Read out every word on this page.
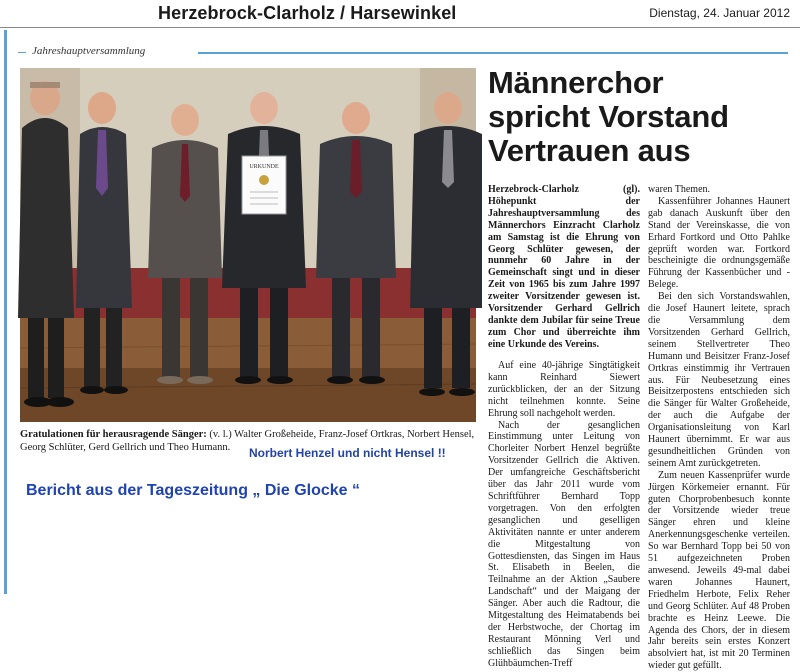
Herzebrock-Clarholz / Harsewinkel	Dienstag, 24. Januar 2012
Jahreshauptversammlung
URKUNDE
Gratulationen für herausragende Sänger: (v. l.) Walter Großeheide, Franz-Josef Ortkras, Norbert Hensel, Georg Schlüter, Gerd Gellrich und Theo Humann.	Norbert Henzel und nicht Hensel !!
Bericht aus der Tageszeitung „ Die Glocke “
Männerchor
spricht Vorstand
Vertrauen aus

Herzebrock-Clarholz (gl). Höhepunkt der Jahreshauptversammlung des Männerchors Einzracht Clarholz am Samstag ist die Ehrung von Georg Schlüter gewesen, der nunmehr 60 Jahre in der Gemeinschaft singt und in dieser Zeit von 1965 bis zum Jahre 1997 zweiter Vorsitzender gewesen ist. Vorsitzender Gerhard Gellrich dankte dem Jubilar für seine Treue zum Chor und überreichte ihm eine Urkunde des Vereins.

Auf eine 40-jährige Singtätigkeit kann Reinhard Siewert zurückblicken, der an der Sitzung nicht teilnehmen konnte. Seine Ehrung soll nachgeholt werden.

Nach der gesanglichen Einstimmung unter Leitung von Chorleiter Norbert Henzel begrüßte Vorsitzender Gellrich die Aktiven. Der umfangreiche Geschäftsbericht über das Jahr 2011 wurde vom Schriftführer Bernhard Topp vorgetragen. Von den erfolgten gesanglichen und geselligen Aktivitäten nannte er unter anderem die Mitgestaltung von Gottesdiensten, das Singen im Haus St. Elisabeth in Beelen, die Teilnahme an der Aktion „Saubere Landschaft“ und der Maigang der Sänger. Aber auch die Radtour, die Mitgestaltung des Heimatabends bei der Herbstwoche, der Chortag im Restaurant Mönning Verl und schließlich das Singen beim Glühbäumchen-Treff

waren Themen.

Kassenführer Johannes Haunert gab danach Auskunft über den Stand der Vereinskasse, die von Erhard Fortkord und Otto Pahlke geprüft worden war. Fortkord bescheinigte die ordnungsgemäße Führung der Kassenbücher und -Belege.

Bei den sich Vorstandswahlen, die Josef Haunert leitete, sprach die Versammlung dem Vorsitzenden Gerhard Gellrich, seinem Stellvertreter Theo Humann und Beisitzer Franz-Josef Ortkras einstimmig ihr Vertrauen aus. Für Neubesetzung eines Beisitzerpostens entschieden sich die Sänger für Walter Großeheide, der auch die Aufgabe der Organisationsleitung von Karl Haunert übernimmt. Er war aus gesundheitlichen Gründen von seinem Amt zurückgetreten.

Zum neuen Kassenprüfer wurde Jürgen Körkemeier ernannt. Für guten Chorprobenbesuch konnte der Vorsitzende wieder treue Sänger ehren und kleine Anerkennungsgeschenke verteilen. So war Bernhard Topp bei 50 von 51 aufgezeichneten Proben anwesend. Jeweils 49-mal dabei waren Johannes Haunert, Friedhelm Herbote, Felix Reher und Georg Schlüter. Auf 48 Proben brachte es Heinz Leewe. Die Agenda des Chors, der in diesem Jahr bereits sein erstes Konzert absolviert hat, ist mit 20 Terminen wieder gut gefüllt.
